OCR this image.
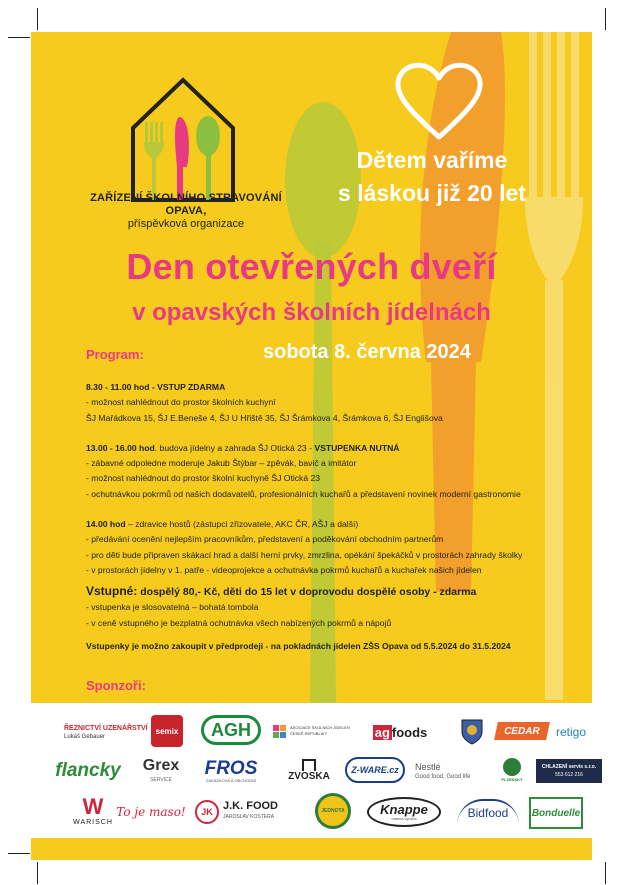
ZAŘÍZENÍ ŠKOLNÍHO STRAVOVÁNÍ
OPAVA,
příspěvková organizace
Dětem vaříme
s láskou již 20 let
Den otevřených dveří
v opavských školních jídelnách
Program:	sobota 8. června 2024
8.30 - 11.00 hod - VSTUP ZDARMA
- možnost nahlédnout do prostor školních kuchyní
ŠJ Mařádkova 15, ŠJ E.Beneše 4, ŠJ U Hřiště 35, ŠJ Šrámkova 4, Šrámkova 6, ŠJ Englišova
13.00 - 16.00 hod. budova jídelny a zahrada ŠJ Otická 23 - VSTUPENKA NUTNÁ
- zábavné odpoledne moderuje Jakub Štýbar – zpěvák, bavič a imitátor
- možnost nahlédnout do prostor školní kuchyně ŠJ Otická 23
- ochutnávkou pokrmů od našich dodavatelů, profesionálních kuchařů a představení novinek moderní gastronomie
14.00 hod – zdravice hostů (zástupci zřizovatele, AKC ČR, AŠJ a další)
- předávání ocenění nejlepším pracovníkům, představení a poděkování obchodním partnerům
- pro děti bude připraven skákací hrad a další herní prvky, zmrzlina, opékání špekáčků v prostorách zahrady školky
- v prostorách jídelny v 1. patře - videoprojekce a ochutnávka pokrmů kuchařů a kuchařek našich jídelen
Vstupné: dospělý 80,- Kč, děti do 15 let v doprovodu dospělé osoby - zdarma
- vstupenka je slosovatelná – bohatá tombola
- v ceně vstupného je bezplatná ochutnávka všech nabízených pokrmů a nápojů
Vstupenky je možno zakoupit v předprodeji - na pokladnách jídelen ZŠS Opava od 5.5.2024 do 31.5.2024
Sponzoři:
ŘEZNICTVÍ UZENÁŘSTVÍ
Lukáš Gebauer
semix AGH	ASOCIACE ŠKOLNÍCH JÍDELEN ČESKÉ REPUBLIKY	ag foods	CEDAR retigo
flancky Grex
SERVICE
FROS
ZAKÁZKOVÁ A OBCHODNÍ	ZVOSKA
Z-WARE.cz Nestlé
Good food, Good life	PLZEŇSKÝ
CHLAZENÍ servis s.r.o.
553 612 216
W
WARISCH
To je maso!	JK J.K. FOOD
JAROSLAV KOSTERA
JEDNOTA	Knappe
masná výroba	Bidfood Bonduelle
